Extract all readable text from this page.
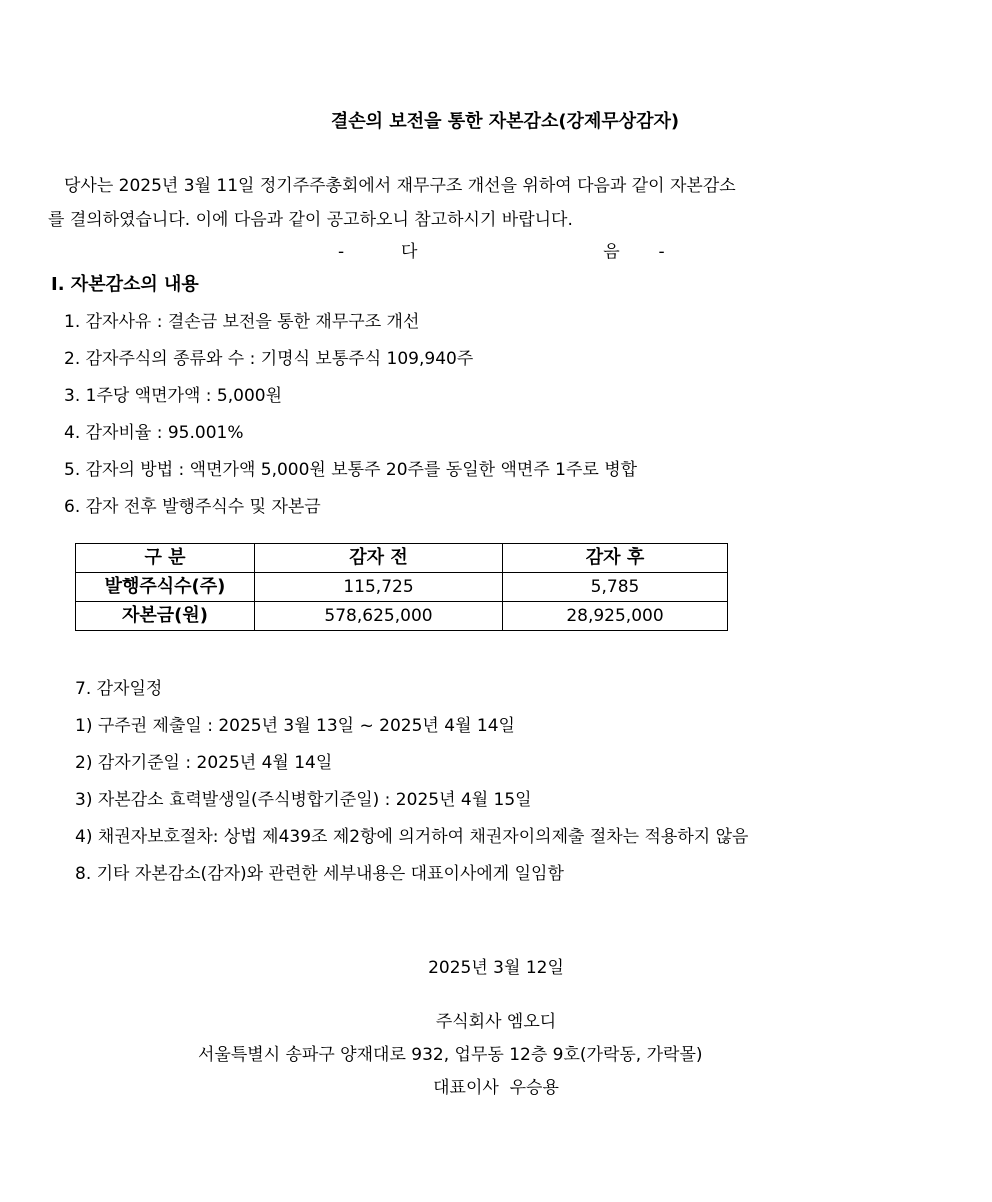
결손의 보전을 통한 자본감소(강제무상감자)
당사는 2025년 3월 11일 정기주주총회에서 재무구조 개선을 위하여 다음과 같이 자본감소
를 결의하였습니다. 이에 다음과 같이 공고하오니 참고하시기 바랍니다.
-	다	음 -
Ⅰ. 자본감소의 내용
1. 감자사유 : 결손금 보전을 통한 재무구조 개선
2. 감자주식의 종류와 수 : 기명식 보통주식 109,940주
3. 1주당 액면가액 : 5,000원
4. 감자비율 : 95.001%
5. 감자의 방법 : 액면가액 5,000원 보통주 20주를 동일한 액면주 1주로 병합
6. 감자 전후 발행주식수 및 자본금
구 분	감자 전	감자 후
발행주식수(주)	115,725	5,785
자본금(원)	578,625,000	28,925,000
7. 감자일정
1) 구주권 제출일 : 2025년 3월 13일 ~ 2025년 4월 14일
2) 감자기준일 : 2025년 4월 14일
3) 자본감소 효력발생일(주식병합기준일) : 2025년 4월 15일
4) 채권자보호절차: 상법 제439조 제2항에 의거하여 채권자이의제출 절차는 적용하지 않음
8. 기타 자본감소(감자)와 관련한 세부내용은 대표이사에게 일임함
2025년 3월 12일
주식회사 엠오디
서울특별시 송파구 양재대로 932, 업무동 12층 9호(가락동, 가락몰)
대표이사  우승용
